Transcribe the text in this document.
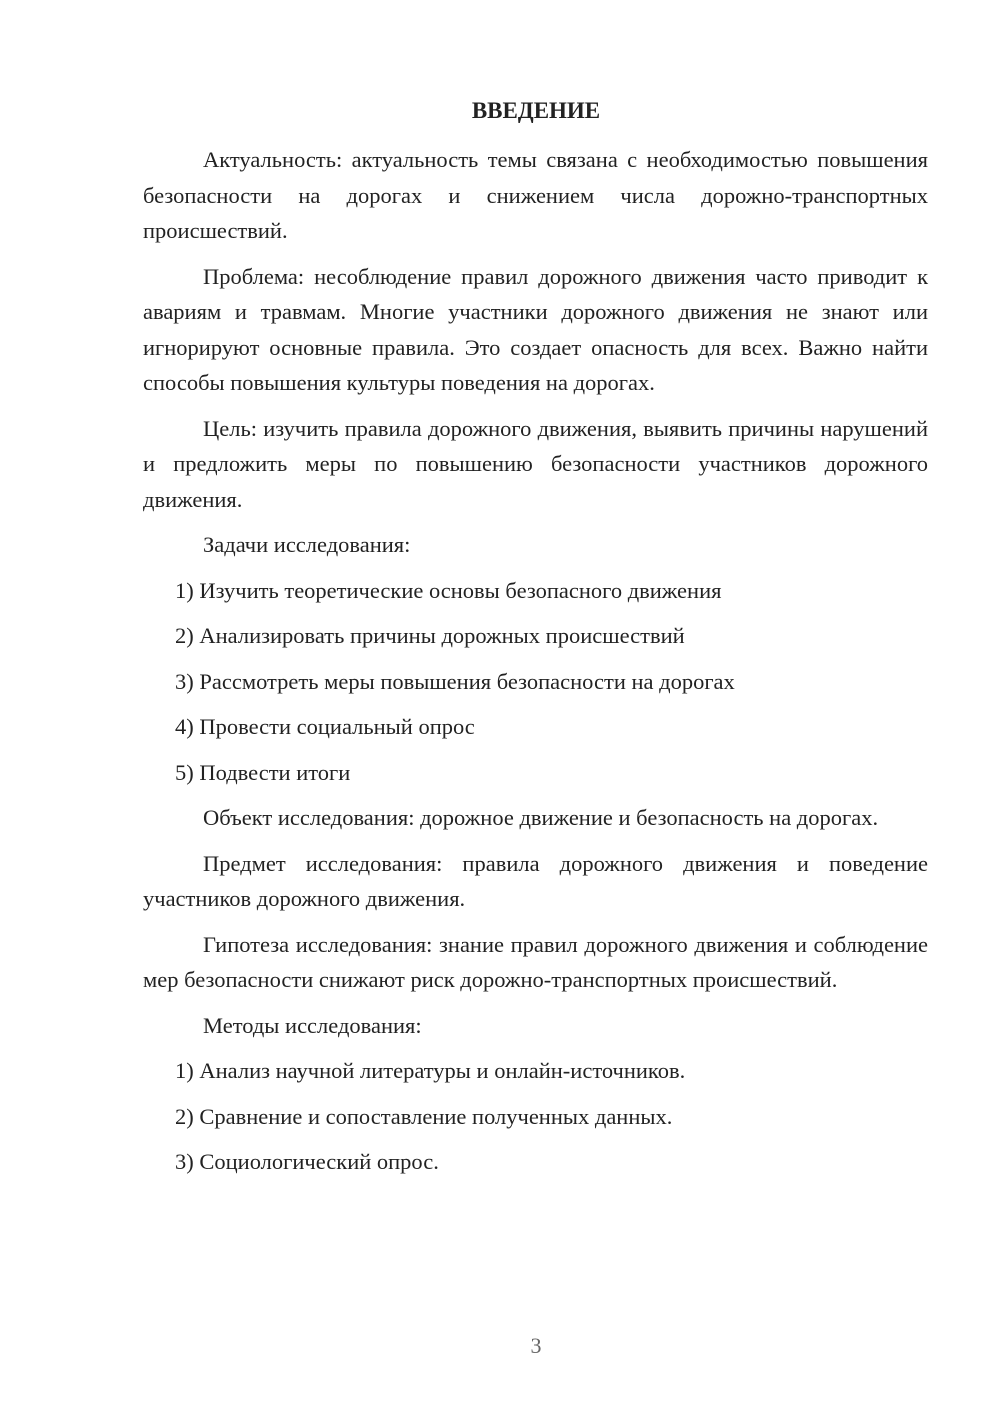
ВВЕДЕНИЕ

Актуальность: актуальность темы связана с необходимостью повышения безопасности на дорогах и снижением числа дорожно-транспортных происшествий.

Проблема: несоблюдение правил дорожного движения часто приводит к авариям и травмам. Многие участники дорожного движения не знают или игнорируют основные правила. Это создает опасность для всех. Важно найти способы повышения культуры поведения на дорогах.

Цель: изучить правила дорожного движения, выявить причины нарушений и предложить меры по повышению безопасности участников дорожного движения.

Задачи исследования:

1) Изучить теоретические основы безопасного движения

2) Анализировать причины дорожных происшествий

3) Рассмотреть меры повышения безопасности на дорогах

4) Провести социальный опрос

5) Подвести итоги

Объект исследования: дорожное движение и безопасность на дорогах.

Предмет исследования: правила дорожного движения и поведение участников дорожного движения.

Гипотеза исследования: знание правил дорожного движения и соблюдение мер безопасности снижают риск дорожно-транспортных происшествий.

Методы исследования:

1) Анализ научной литературы и онлайн-источников.

2) Сравнение и сопоставление полученных данных.

3) Социологический опрос.

3
